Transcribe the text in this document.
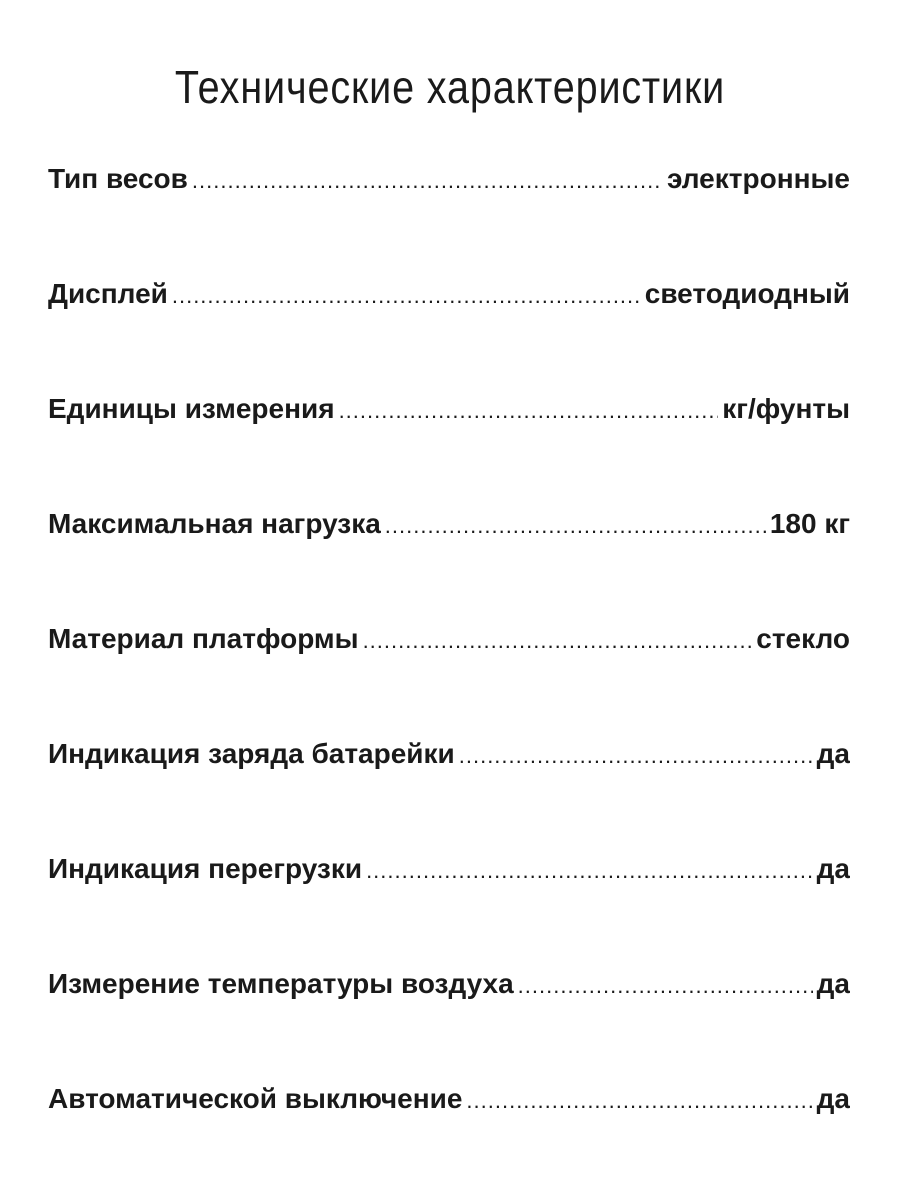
Технические характеристики
Тип весов .....	электронные
Дисплей .....	светодиодный
Единицы измерения .....	кг/фунты
Максимальная нагрузка .....	180 кг
Материал платформы .....	стекло
Индикация заряда батарейки .....	да
Индикация перегрузки .....	да
Измерение температуры воздуха .....	да
Автоматической выключение .....	да
